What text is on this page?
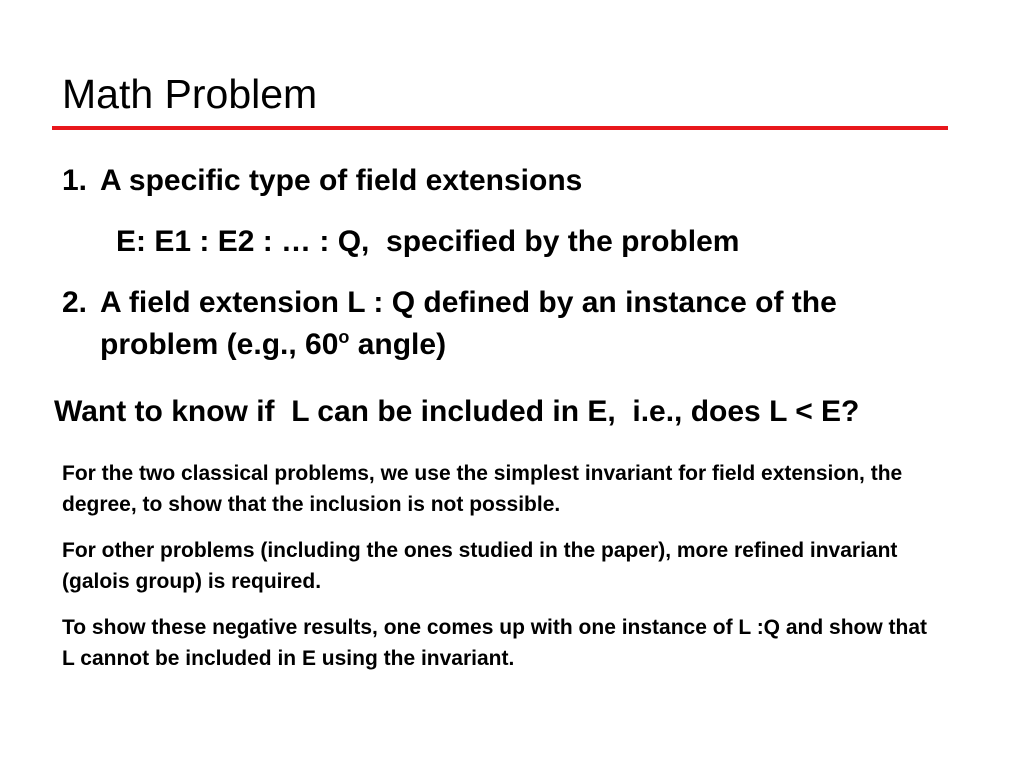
Math Problem
1. A specific type of field extensions
E: E1 : E2 : … : Q,  specified by the problem
2. A field extension L : Q defined by an instance of the problem (e.g., 60$^o$ angle)
Want to know if  L can be included in E,  i.e., does L < E?

For the two classical problems, we use the simplest invariant for field extension, the degree, to show that the inclusion is not possible.

For other problems (including the ones studied in the paper), more refined invariant (galois group) is required.

To show these negative results, one comes up with one instance of L :Q and show that L cannot be included in E using the invariant.
